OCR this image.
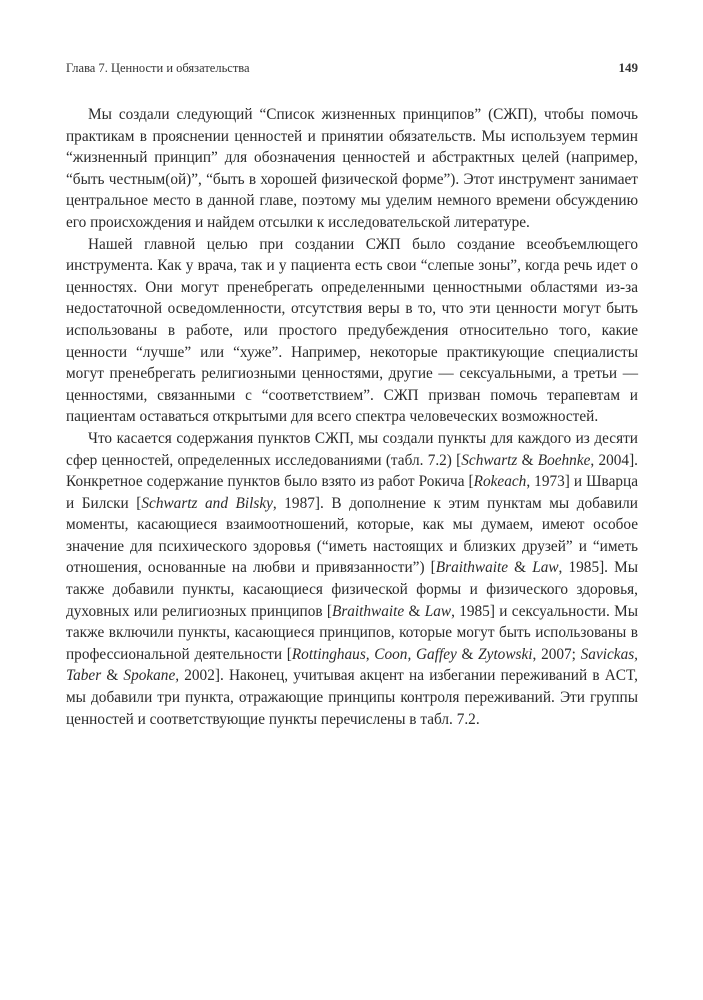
Глава 7. Ценности и обязательства	149

Мы создали следующий “Список жизненных принципов” (СЖП), чтобы помочь практикам в прояснении ценностей и принятии обязательств. Мы используем термин “жизненный принцип” для обозначения ценностей и абстрактных целей (например, “быть честным(ой)”, “быть в хорошей физической форме”). Этот инструмент занимает центральное место в данной главе, поэтому мы уделим немного времени обсуждению его происхождения и найдем отсылки к исследовательской литературе.

Нашей главной целью при создании СЖП было создание всеобъемлющего инструмента. Как у врача, так и у пациента есть свои “слепые зоны”, когда речь идет о ценностях. Они могут пренебрегать определенными ценностными областями из-за недостаточной осведомленности, отсутствия веры в то, что эти ценности могут быть использованы в работе, или простого предубеждения относительно того, какие ценности “лучше” или “хуже”. Например, некоторые практикующие специалисты могут пренебрегать религиозными ценностями, другие — сексуальными, а третьи — ценностями, связанными с “соответствием”. СЖП призван помочь терапевтам и пациентам оставаться открытыми для всего спектра человеческих возможностей.

Что касается содержания пунктов СЖП, мы создали пункты для каждого из десяти сфер ценностей, определенных исследованиями (табл. 7.2) [Schwartz & Boehnke, 2004]. Конкретное содержание пунктов было взято из работ Рокича [Rokeach, 1973] и Шварца и Билски [Schwartz and Bilsky, 1987]. В дополнение к этим пунктам мы добавили моменты, касающиеся взаимоотношений, которые, как мы думаем, имеют особое значение для психического здоровья (“иметь настоящих и близких друзей” и “иметь отношения, основанные на любви и привязанности”) [Braithwaite & Law, 1985]. Мы также добавили пункты, касающиеся физической формы и физического здоровья, духовных или религиозных принципов [Braithwaite & Law, 1985] и сексуальности. Мы также включили пункты, касающиеся принципов, которые могут быть использованы в профессиональной деятельности [Rottinghaus, Coon, Gaffey & Zytowski, 2007; Savickas, Taber & Spokane, 2002]. Наконец, учитывая акцент на избегании переживаний в ACT, мы добавили три пункта, отражающие принципы контроля переживаний. Эти группы ценностей и соответствующие пункты перечислены в табл. 7.2.
